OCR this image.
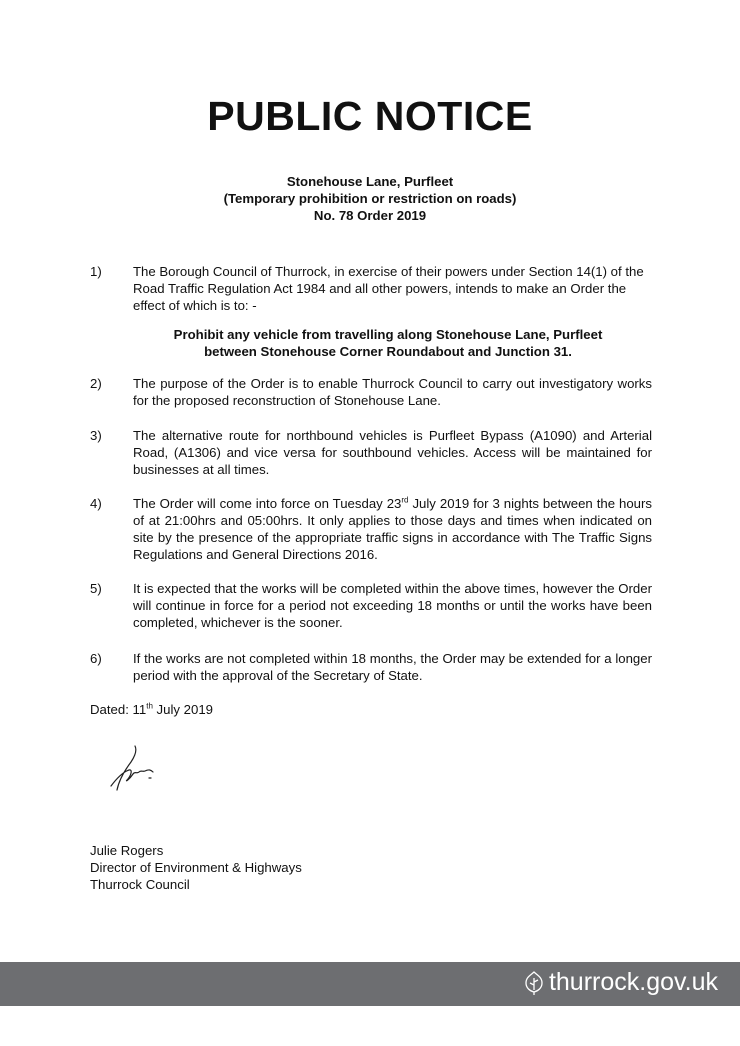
PUBLIC NOTICE
Stonehouse Lane, Purfleet
(Temporary prohibition or restriction on roads)
No. 78 Order 2019
1) The Borough Council of Thurrock, in exercise of their powers under Section 14(1) of the Road Traffic Regulation Act 1984 and all other powers, intends to make an Order the effect of which is to: -
Prohibit any vehicle from travelling along Stonehouse Lane, Purfleet
between Stonehouse Corner Roundabout and Junction 31.
2) The purpose of the Order is to enable Thurrock Council to carry out investigatory works for the proposed reconstruction of Stonehouse Lane.
3) The alternative route for northbound vehicles is Purfleet Bypass (A1090) and Arterial Road, (A1306) and vice versa for southbound vehicles. Access will be maintained for businesses at all times.
4) The Order will come into force on Tuesday 23rd July 2019 for 3 nights between the hours of at 21:00hrs and 05:00hrs. It only applies to those days and times when indicated on site by the presence of the appropriate traffic signs in accordance with The Traffic Signs Regulations and General Directions 2016.
5) It is expected that the works will be completed within the above times, however the Order will continue in force for a period not exceeding 18 months or until the works have been completed, whichever is the sooner.
6) If the works are not completed within 18 months, the Order may be extended for a longer period with the approval of the Secretary of State.
Dated: 11th July 2019
Julie Rogers
Director of Environment & Highways
Thurrock Council
thurrock.gov.uk
